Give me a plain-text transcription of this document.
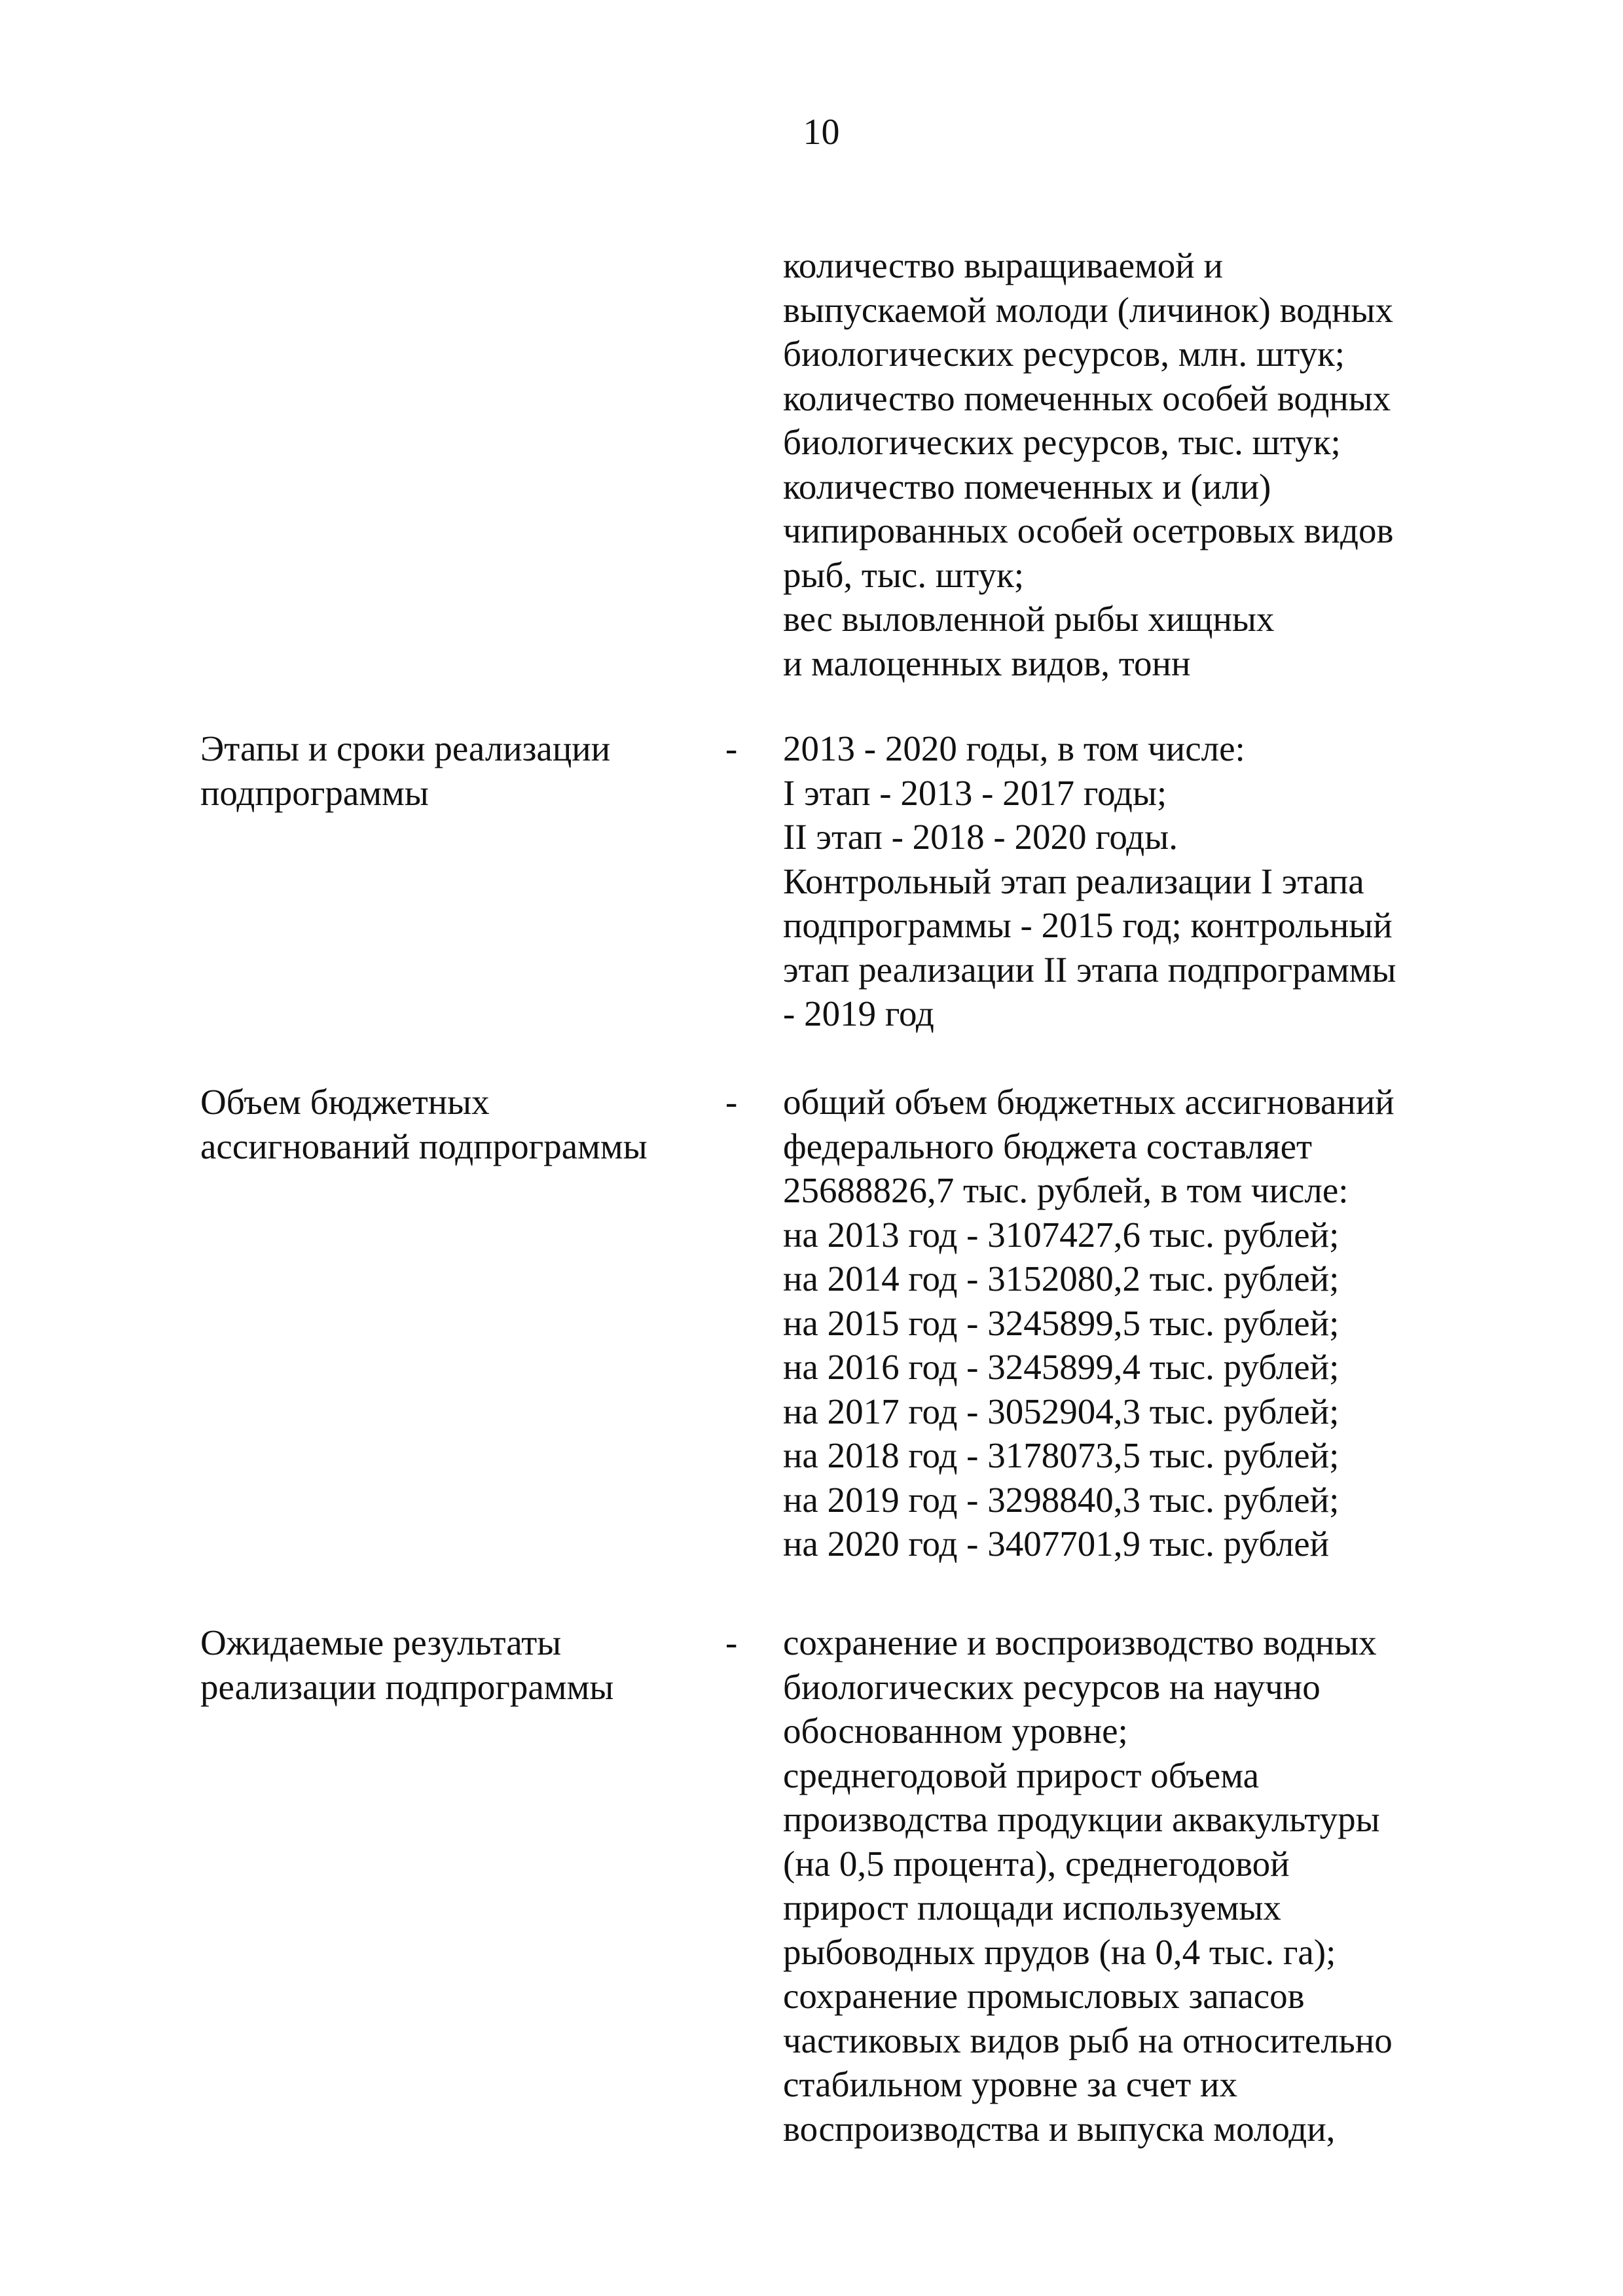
10
количество выращиваемой и
выпускаемой молоди (личинок) водных
биологических ресурсов, млн. штук;
количество помеченных особей водных
биологических ресурсов, тыс. штук;
количество помеченных и (или)
чипированных особей осетровых видов
рыб, тыс. штук;
вес выловленной рыбы хищных
и малоценных видов, тонн
Этапы и сроки реализации
подпрограммы
- 2013 - 2020 годы, в том числе:
I этап - 2013 - 2017 годы;
II этап - 2018 - 2020 годы.
Контрольный этап реализации I этапа
подпрограммы - 2015 год; контрольный
этап реализации II этапа подпрограммы
- 2019 год
Объем бюджетных
ассигнований подпрограммы
- общий объем бюджетных ассигнований
федерального бюджета составляет
25688826,7 тыс. рублей, в том числе:
на 2013 год - 3107427,6 тыс. рублей;
на 2014 год - 3152080,2 тыс. рублей;
на 2015 год - 3245899,5 тыс. рублей;
на 2016 год - 3245899,4 тыс. рублей;
на 2017 год - 3052904,3 тыс. рублей;
на 2018 год - 3178073,5 тыс. рублей;
на 2019 год - 3298840,3 тыс. рублей;
на 2020 год - 3407701,9 тыс. рублей
Ожидаемые результаты
реализации подпрограммы
- сохранение и воспроизводство водных
биологических ресурсов на научно
обоснованном уровне;
среднегодовой прирост объема
производства продукции аквакультуры
(на 0,5 процента), среднегодовой
прирост площади используемых
рыбоводных прудов (на 0,4 тыс. га);
сохранение промысловых запасов
частиковых видов рыб на относительно
стабильном уровне за счет их
воспроизводства и выпуска молоди,
